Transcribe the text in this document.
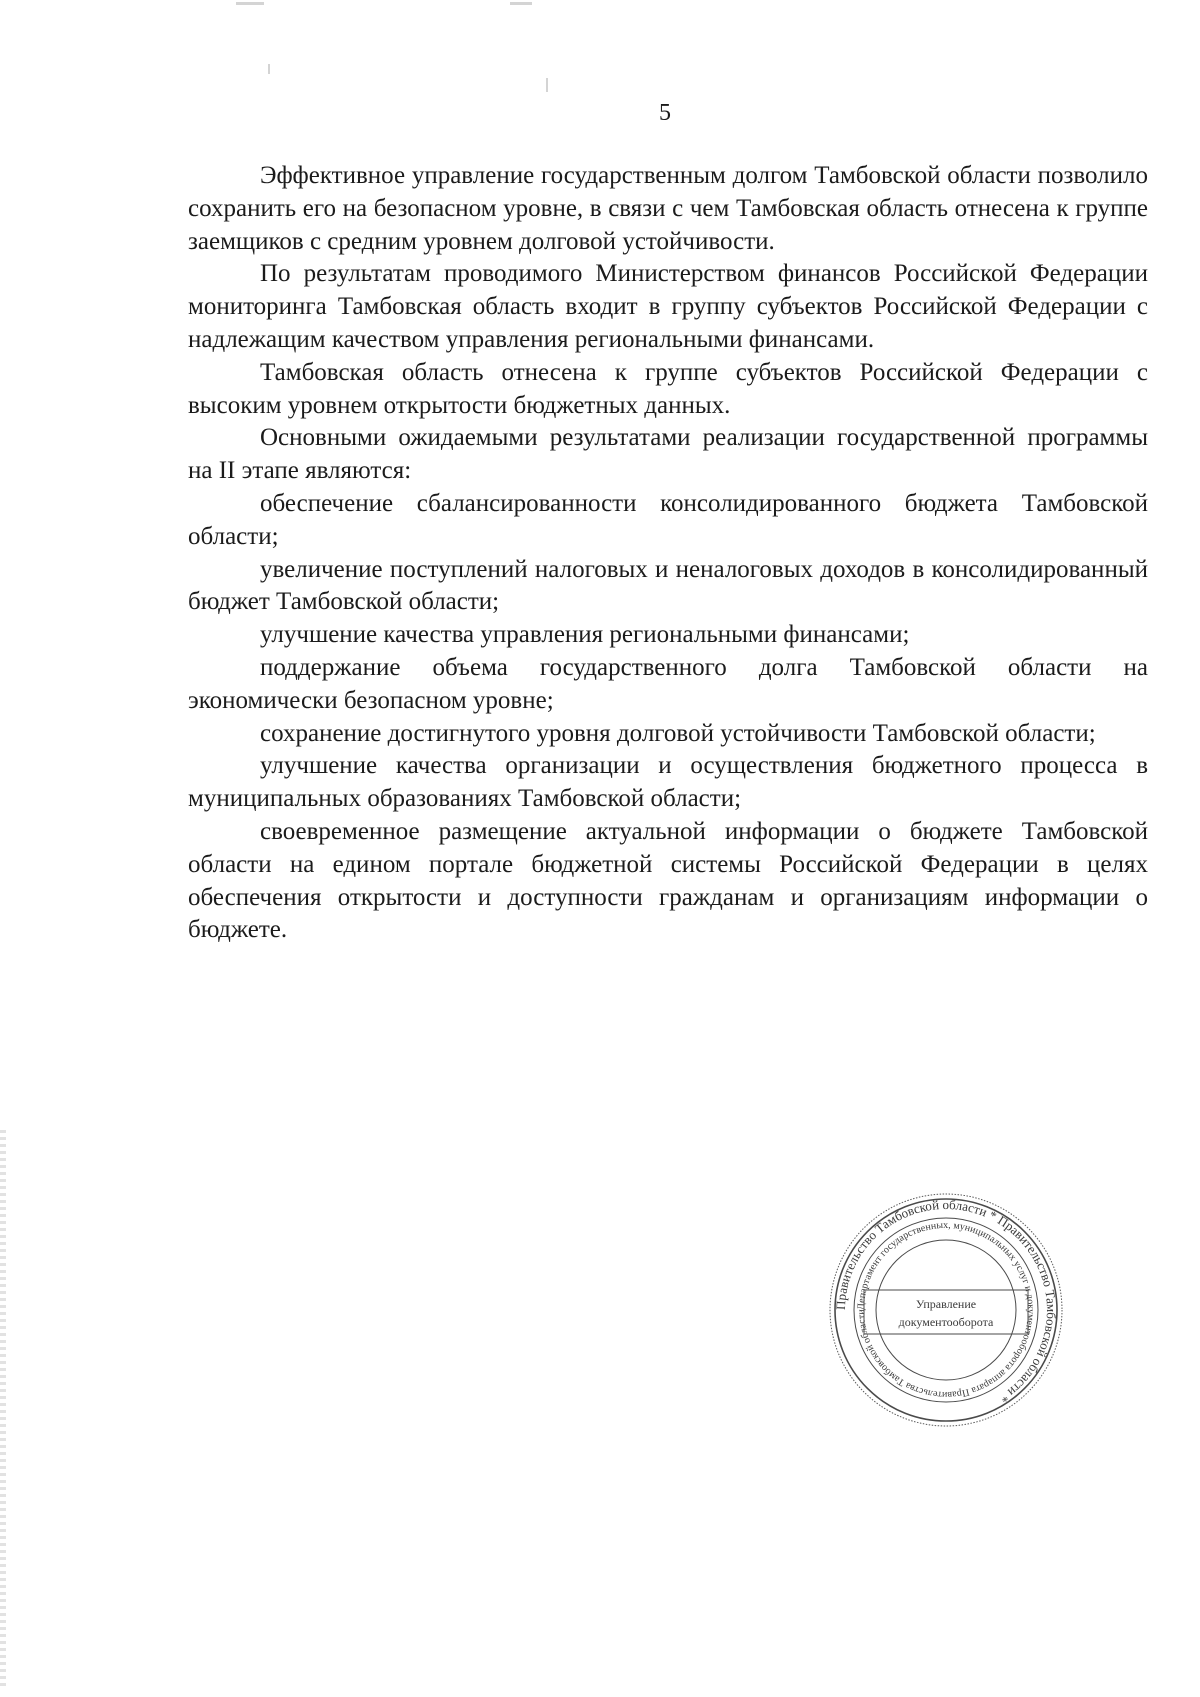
5

Эффективное управление государственным долгом Тамбовской области позволило сохранить его на безопасном уровне, в связи с чем Тамбовская область отнесена к группе заемщиков с средним уровнем долговой устойчивости.

По результатам проводимого Министерством финансов Российской Федерации мониторинга Тамбовская область входит в группу субъектов Российской Федерации с надлежащим качеством управления региональными финансами.

Тамбовская область отнесена к группе субъектов Российской Федерации с высоким уровнем открытости бюджетных данных.

Основными ожидаемыми результатами реализации государственной программы на II этапе являются:

обеспечение сбалансированности консолидированного бюджета Тамбовской области;

увеличение поступлений налоговых и неналоговых доходов в консолидированный бюджет Тамбовской области;

улучшение качества управления региональными финансами;

поддержание объема государственного долга Тамбовской области на экономически безопасном уровне;

сохранение достигнутого уровня долговой устойчивости Тамбовской области;

улучшение качества организации и осуществления бюджетного процесса в муниципальных образованиях Тамбовской области;

своевременное размещение актуальной информации о бюджете Тамбовской области на едином портале бюджетной системы Российской Федерации в целях обеспечения открытости и доступности гражданам и организациям информации о бюджете.

Правительство Тамбовской области * Правительство Тамбовской области *
Департамент государственных, муниципальных услуг и документооборота аппарата Правительства Тамбовской области
Управление
документооборота
